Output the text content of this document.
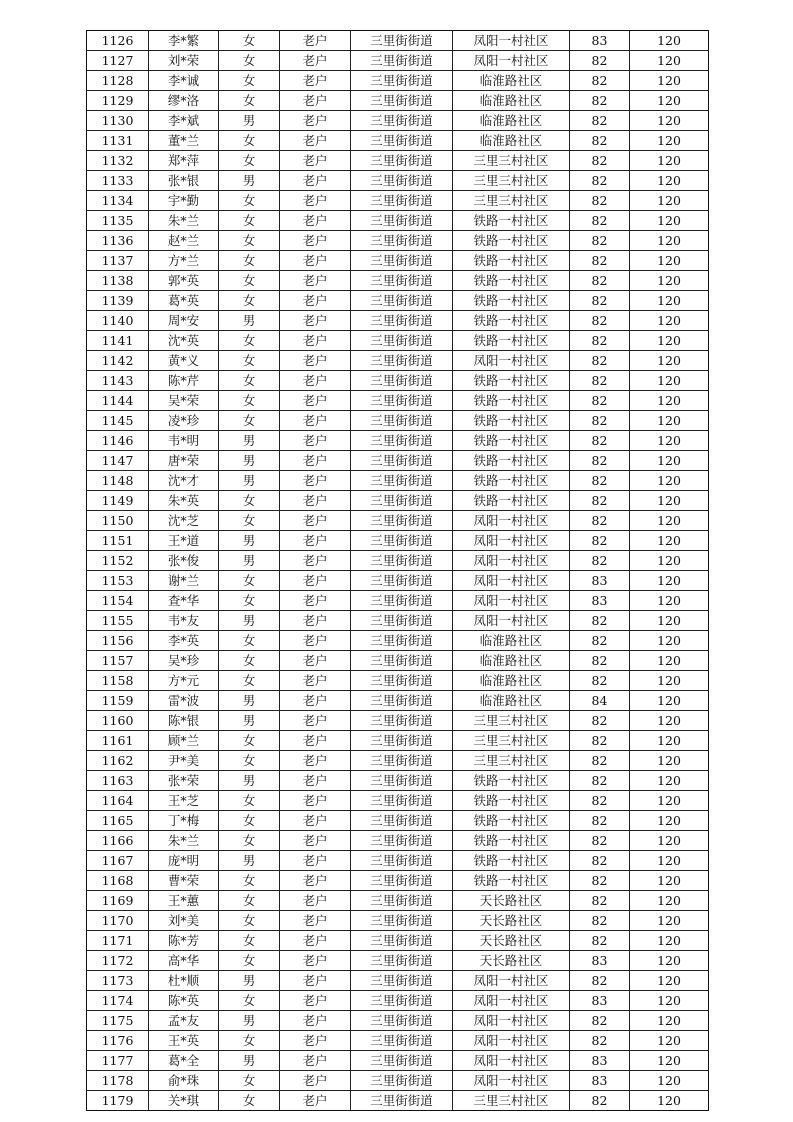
1126	李*繁	女	老户	三里街街道	凤阳一村社区	83	120
1127	刘*荣	女	老户	三里街街道	凤阳一村社区	82	120
1128	李*诚	女	老户	三里街街道	临淮路社区	82	120
1129	缪*洛	女	老户	三里街街道	临淮路社区	82	120
1130	李*斌	男	老户	三里街街道	临淮路社区	82	120
1131	董*兰	女	老户	三里街街道	临淮路社区	82	120
1132	郑*萍	女	老户	三里街街道	三里三村社区	82	120
1133	张*银	男	老户	三里街街道	三里三村社区	82	120
1134	宇*勤	女	老户	三里街街道	三里三村社区	82	120
1135	朱*兰	女	老户	三里街街道	铁路一村社区	82	120
1136	赵*兰	女	老户	三里街街道	铁路一村社区	82	120
1137	方*兰	女	老户	三里街街道	铁路一村社区	82	120
1138	郭*英	女	老户	三里街街道	铁路一村社区	82	120
1139	葛*英	女	老户	三里街街道	铁路一村社区	82	120
1140	周*安	男	老户	三里街街道	铁路一村社区	82	120
1141	沈*英	女	老户	三里街街道	铁路一村社区	82	120
1142	黄*义	女	老户	三里街街道	凤阳一村社区	82	120
1143	陈*芹	女	老户	三里街街道	铁路一村社区	82	120
1144	吴*荣	女	老户	三里街街道	铁路一村社区	82	120
1145	凌*珍	女	老户	三里街街道	铁路一村社区	82	120
1146	韦*明	男	老户	三里街街道	铁路一村社区	82	120
1147	唐*荣	男	老户	三里街街道	铁路一村社区	82	120
1148	沈*才	男	老户	三里街街道	铁路一村社区	82	120
1149	朱*英	女	老户	三里街街道	铁路一村社区	82	120
1150	沈*芝	女	老户	三里街街道	凤阳一村社区	82	120
1151	王*道	男	老户	三里街街道	凤阳一村社区	82	120
1152	张*俊	男	老户	三里街街道	凤阳一村社区	82	120
1153	谢*兰	女	老户	三里街街道	凤阳一村社区	83	120
1154	查*华	女	老户	三里街街道	凤阳一村社区	83	120
1155	韦*友	男	老户	三里街街道	凤阳一村社区	82	120
1156	李*英	女	老户	三里街街道	临淮路社区	82	120
1157	吴*珍	女	老户	三里街街道	临淮路社区	82	120
1158	方*元	女	老户	三里街街道	临淮路社区	82	120
1159	雷*波	男	老户	三里街街道	临淮路社区	84	120
1160	陈*银	男	老户	三里街街道	三里三村社区	82	120
1161	顾*兰	女	老户	三里街街道	三里三村社区	82	120
1162	尹*美	女	老户	三里街街道	三里三村社区	82	120
1163	张*荣	男	老户	三里街街道	铁路一村社区	82	120
1164	王*芝	女	老户	三里街街道	铁路一村社区	82	120
1165	丁*梅	女	老户	三里街街道	铁路一村社区	82	120
1166	朱*兰	女	老户	三里街街道	铁路一村社区	82	120
1167	庞*明	男	老户	三里街街道	铁路一村社区	82	120
1168	曹*荣	女	老户	三里街街道	铁路一村社区	82	120
1169	王*蕙	女	老户	三里街街道	天长路社区	82	120
1170	刘*美	女	老户	三里街街道	天长路社区	82	120
1171	陈*芳	女	老户	三里街街道	天长路社区	82	120
1172	高*华	女	老户	三里街街道	天长路社区	83	120
1173	杜*顺	男	老户	三里街街道	凤阳一村社区	82	120
1174	陈*英	女	老户	三里街街道	凤阳一村社区	83	120
1175	孟*友	男	老户	三里街街道	凤阳一村社区	82	120
1176	王*英	女	老户	三里街街道	凤阳一村社区	82	120
1177	葛*全	男	老户	三里街街道	凤阳一村社区	83	120
1178	俞*珠	女	老户	三里街街道	凤阳一村社区	83	120
1179	关*琪	女	老户	三里街街道	三里三村社区	82	120
